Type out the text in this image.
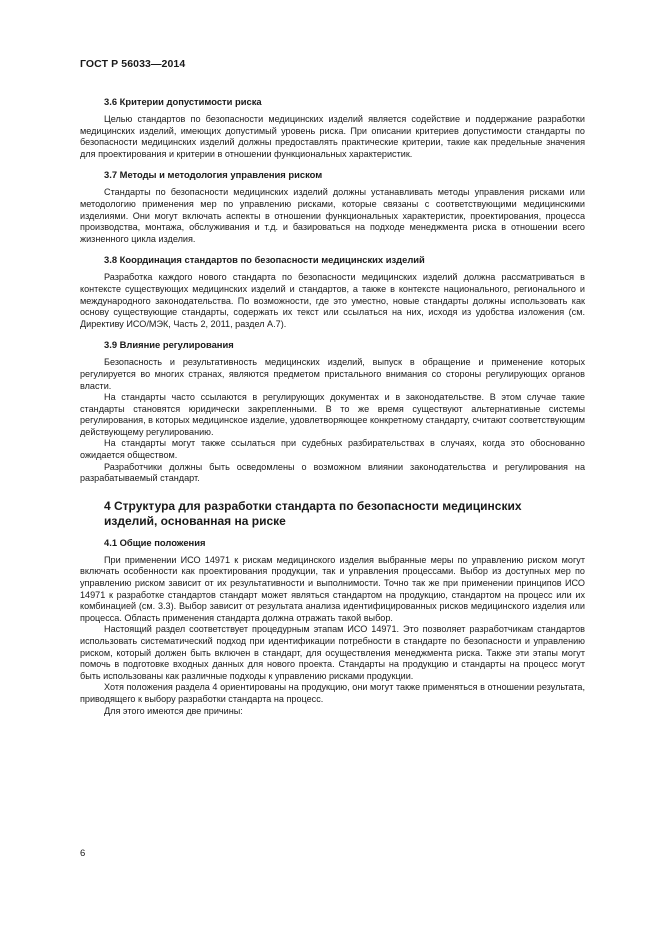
ГОСТ Р 56033—2014
3.6 Критерии допустимости риска

Целью стандартов по безопасности медицинских изделий является содействие и поддержание разработки медицинских изделий, имеющих допустимый уровень риска. При описании критериев допустимости стандарты по безопасности медицинских изделий должны предоставлять практические критерии, такие как предельные значения для проектирования и критерии в отношении функциональных характеристик.

3.7 Методы и методология управления риском

Стандарты по безопасности медицинских изделий должны устанавливать методы управления рисками или методологию применения мер по управлению рисками, которые связаны с соответствующими медицинскими изделиями. Они могут включать аспекты в отношении функциональных характеристик, проектирования, процесса производства, монтажа, обслуживания и т.д. и базироваться на подходе менеджмента риска в отношении всего жизненного цикла изделия.

3.8 Координация стандартов по безопасности медицинских изделий

Разработка каждого нового стандарта по безопасности медицинских изделий должна рассматриваться в контексте существующих медицинских изделий и стандартов, а также в контексте национального, регионального и международного законодательства. По возможности, где это уместно, новые стандарты должны использовать как основу существующие стандарты, содержать их текст или ссылаться на них, исходя из удобства изложения (см. Директиву ИСО/МЭК, Часть 2, 2011, раздел А.7).

3.9 Влияние регулирования

Безопасность и результативность медицинских изделий, выпуск в обращение и применение которых регулируется во многих странах, являются предметом пристального внимания со стороны регулирующих органов власти.

На стандарты часто ссылаются в регулирующих документах и в законодательстве. В этом случае такие стандарты становятся юридически закрепленными. В то же время существуют альтернативные системы регулирования, в которых медицинское изделие, удовлетворяющее конкретному стандарту, считают соответствующим действующему регулированию.

На стандарты могут также ссылаться при судебных разбирательствах в случаях, когда это обоснованно ожидается обществом.

Разработчики должны быть осведомлены о возможном влиянии законодательства и регулирования на разрабатываемый стандарт.

4 Структура для разработки стандарта по безопасности медицинских изделий, основанная на риске
4.1 Общие положения

При применении ИСО 14971 к рискам медицинского изделия выбранные меры по управлению риском могут включать особенности как проектирования продукции, так и управления процессами. Выбор из доступных мер по управлению риском зависит от их результативности и выполнимости. Точно так же при применении принципов ИСО 14971 к разработке стандартов стандарт может являться стандартом на продукцию, стандартом на процесс или их комбинацией (см. 3.3). Выбор зависит от результата анализа идентифицированных рисков медицинского изделия или процесса. Область применения стандарта должна отражать такой выбор.

Настоящий раздел соответствует процедурным этапам ИСО 14971. Это позволяет разработчикам стандартов использовать систематический подход при идентификации потребности в стандарте по безопасности и управлению риском, который должен быть включен в стандарт, для осуществления менеджмента риска. Также эти этапы могут помочь в подготовке входных данных для нового проекта. Стандарты на продукцию и стандарты на процесс могут быть использованы как различные подходы к управлению рисками продукции.

Хотя положения раздела 4 ориентированы на продукцию, они могут также применяться в отношении результата, приводящего к выбору разработки стандарта на процесс.

Для этого имеются две причины:

6
